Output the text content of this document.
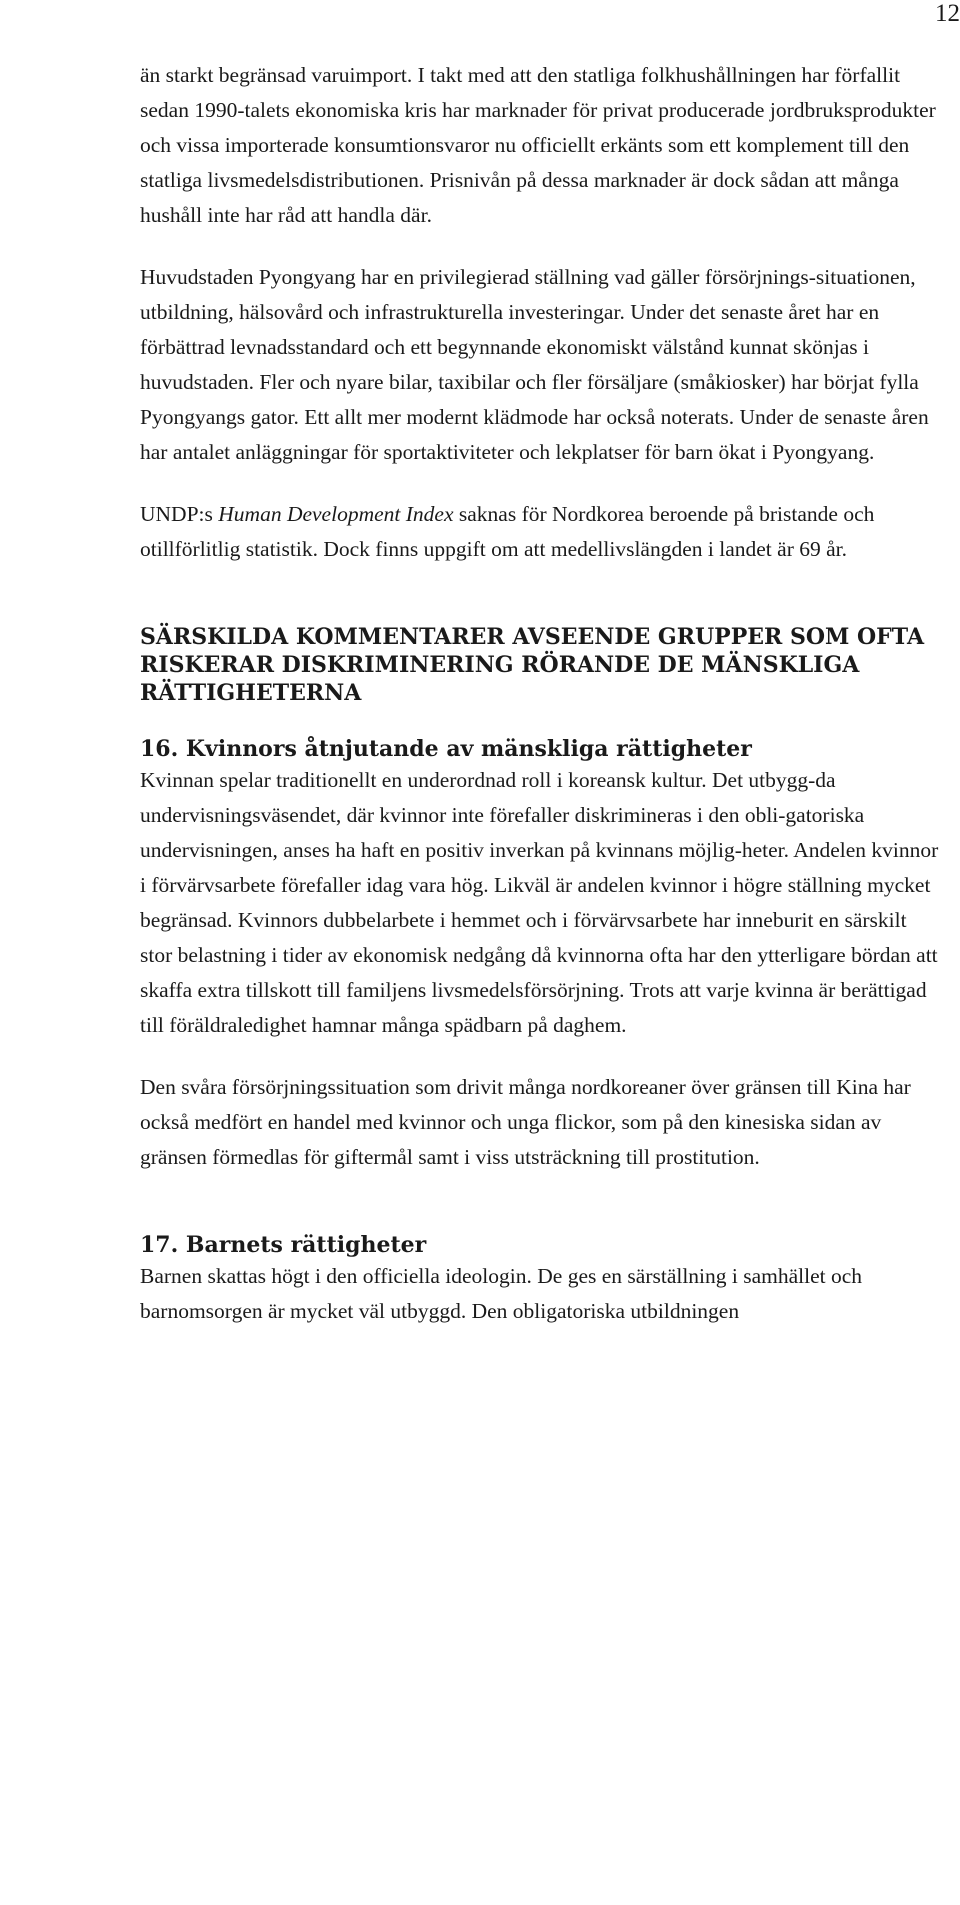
12

än starkt begränsad varuimport. I takt med att den statliga folkhushållningen har förfallit sedan 1990-talets ekonomiska kris har marknader för privat producerade jordbruksprodukter och vissa importerade konsumtionsvaror nu officiellt erkänts som ett komplement till den statliga livsmedelsdistributionen. Prisnivån på dessa marknader är dock sådan att många hushåll inte har råd att handla där.

Huvudstaden Pyongyang har en privilegierad ställning vad gäller försörjnings-situationen, utbildning, hälsovård och infrastrukturella investeringar. Under det senaste året har en förbättrad levnadsstandard och ett begynnande ekonomiskt välstånd kunnat skönjas i huvudstaden. Fler och nyare bilar, taxibilar och fler försäljare (småkiosker) har börjat fylla Pyongyangs gator. Ett allt mer modernt klädmode har också noterats. Under de senaste åren har antalet anläggningar för sportaktiviteter och lekplatser för barn ökat i Pyongyang.

UNDP:s Human Development Index saknas för Nordkorea beroende på bristande och otillförlitlig statistik. Dock finns uppgift om att medellivslängden i landet är 69 år.

SÄRSKILDA KOMMENTARER AVSEENDE GRUPPER SOM OFTA RISKERAR DISKRIMINERING RÖRANDE DE MÄNSKLIGA RÄTTIGHETERNA
16. Kvinnors åtnjutande av mänskliga rättigheter

Kvinnan spelar traditionellt en underordnad roll i koreansk kultur. Det utbygg-da undervisningsväsendet, där kvinnor inte förefaller diskrimineras i den obli-gatoriska undervisningen, anses ha haft en positiv inverkan på kvinnans möjlig-heter. Andelen kvinnor i förvärvsarbete förefaller idag vara hög. Likväl är andelen kvinnor i högre ställning mycket begränsad. Kvinnors dubbelarbete i hemmet och i förvärvsarbete har inneburit en särskilt stor belastning i tider av ekonomisk nedgång då kvinnorna ofta har den ytterligare bördan att skaffa extra tillskott till familjens livsmedelsförsörjning. Trots att varje kvinna är berättigad till föräldraledighet hamnar många spädbarn på daghem.

Den svåra försörjningssituation som drivit många nordkoreaner över gränsen till Kina har också medfört en handel med kvinnor och unga flickor, som på den kinesiska sidan av gränsen förmedlas för giftermål samt i viss utsträckning till prostitution.

17. Barnets rättigheter

Barnen skattas högt i den officiella ideologin. De ges en särställning i samhället och barnomsorgen är mycket väl utbyggd. Den obligatoriska utbildningen
